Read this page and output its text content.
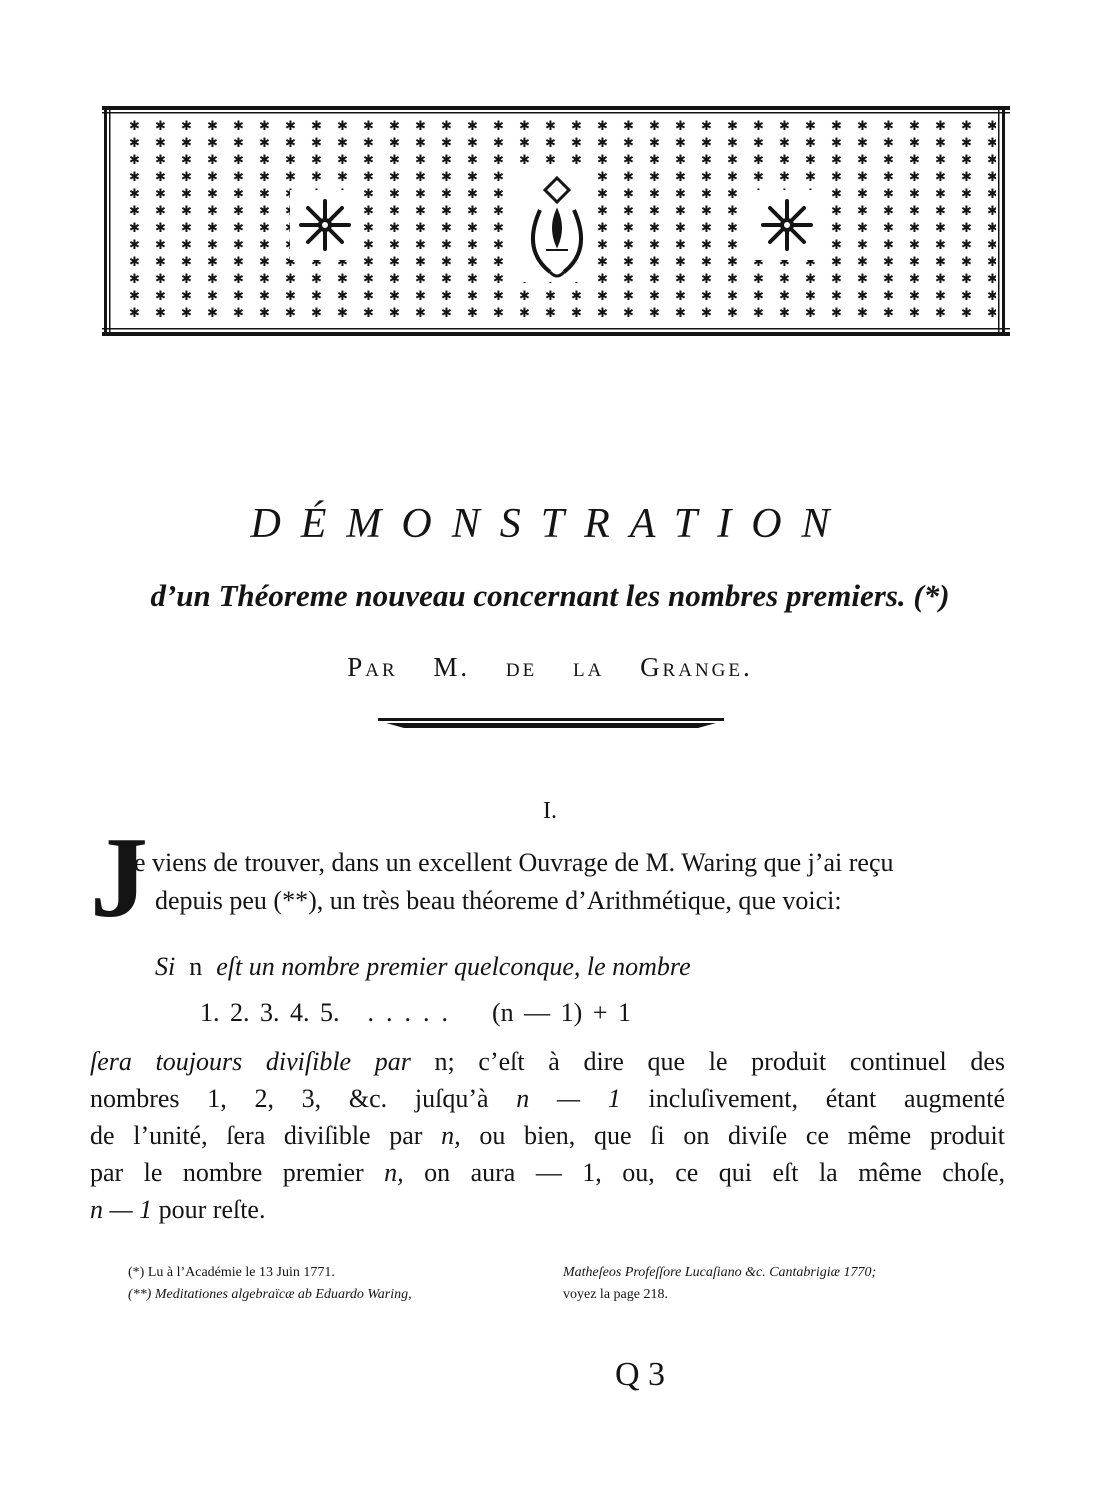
DÉMONSTRATION
d’un Théoreme nouveau concernant les nombres premiers. (*)
Par M. de la Grange.
I.
J
e viens de trouver, dans un excellent Ouvrage de M. Waring que j’ai reçu
depuis peu (**), un très beau théoreme d’Arithmétique, que voici:
Si n eſt un nombre premier quelconque, le nombre
1. 2. 3. 4. 5. ..... (n — 1) + 1
ſera toujours diviſible par n; c’eſt à dire que le produit continuel des
nombres 1, 2, 3, &c. juſqu’à n — 1 incluſivement, étant augmenté
de l’unité, ſera diviſible par n, ou bien, que ſi on diviſe ce même produit
par le nombre premier n, on aura — 1, ou, ce qui eſt la même choſe,
n — 1 pour reſte.
(*) Lu à l’Académie le 13 Juin 1771.
(**) Meditationes algebraïcæ ab Eduardo Waring,
Matheſeos Profeſſore Lucaſiano &c. Cantabrigiæ 1770;
voyez la page 218.
Q 3
